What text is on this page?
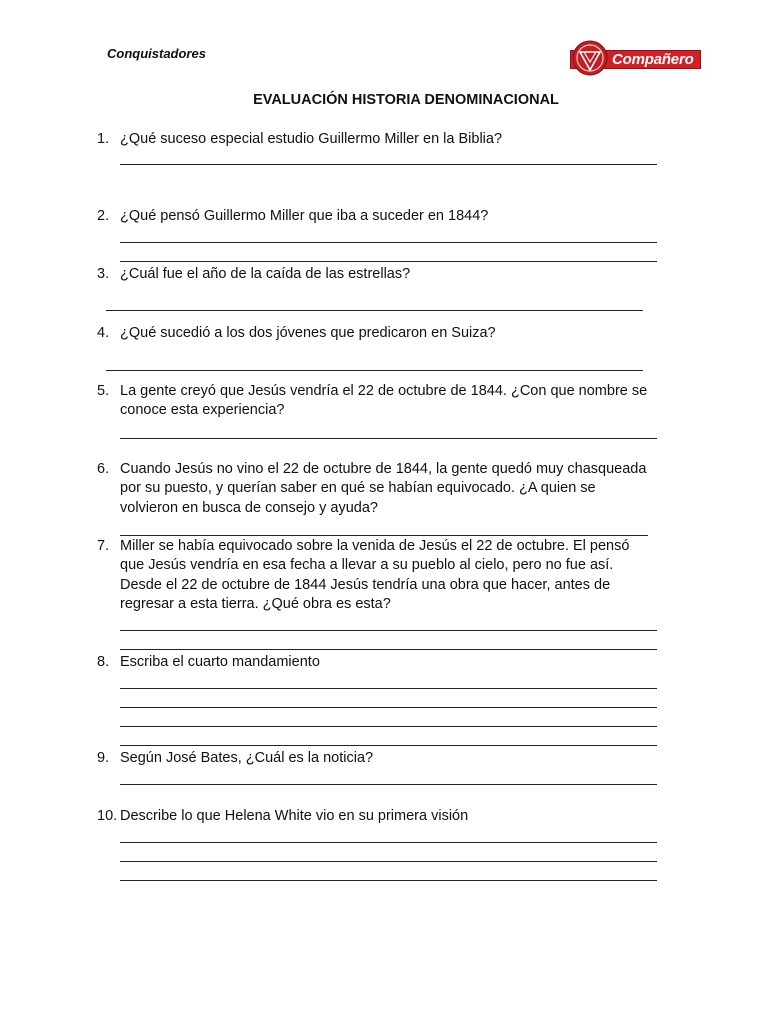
Conquistadores	Compañero
EVALUACIÓN HISTORIA DENOMINACIONAL
1. ¿Qué suceso especial estudio Guillermo Miller en la Biblia?
2. ¿Qué pensó Guillermo Miller que iba a suceder en 1844?
3. ¿Cuál fue el año de la caída de las estrellas?
4. ¿Qué sucedió a los dos jóvenes que predicaron en Suiza?
5. La gente creyó que Jesús vendría el 22 de octubre de 1844. ¿Con que nombre se conoce esta experiencia?
6. Cuando Jesús no vino el 22 de octubre de 1844, la gente quedó muy chasqueada por su puesto, y querían saber en qué se habían equivocado. ¿A quien se volvieron en busca de consejo y ayuda?
7. Miller se había equivocado sobre la venida de Jesús el 22 de octubre. El pensó que Jesús vendría en esa fecha a llevar a su pueblo al cielo, pero no fue así. Desde el 22 de octubre de 1844 Jesús tendría una obra que hacer, antes de regresar a esta tierra. ¿Qué obra es esta?
8. Escriba el cuarto mandamiento
9. Según José Bates, ¿Cuál es la noticia?
10. Describe lo que Helena White vio en su primera visión
